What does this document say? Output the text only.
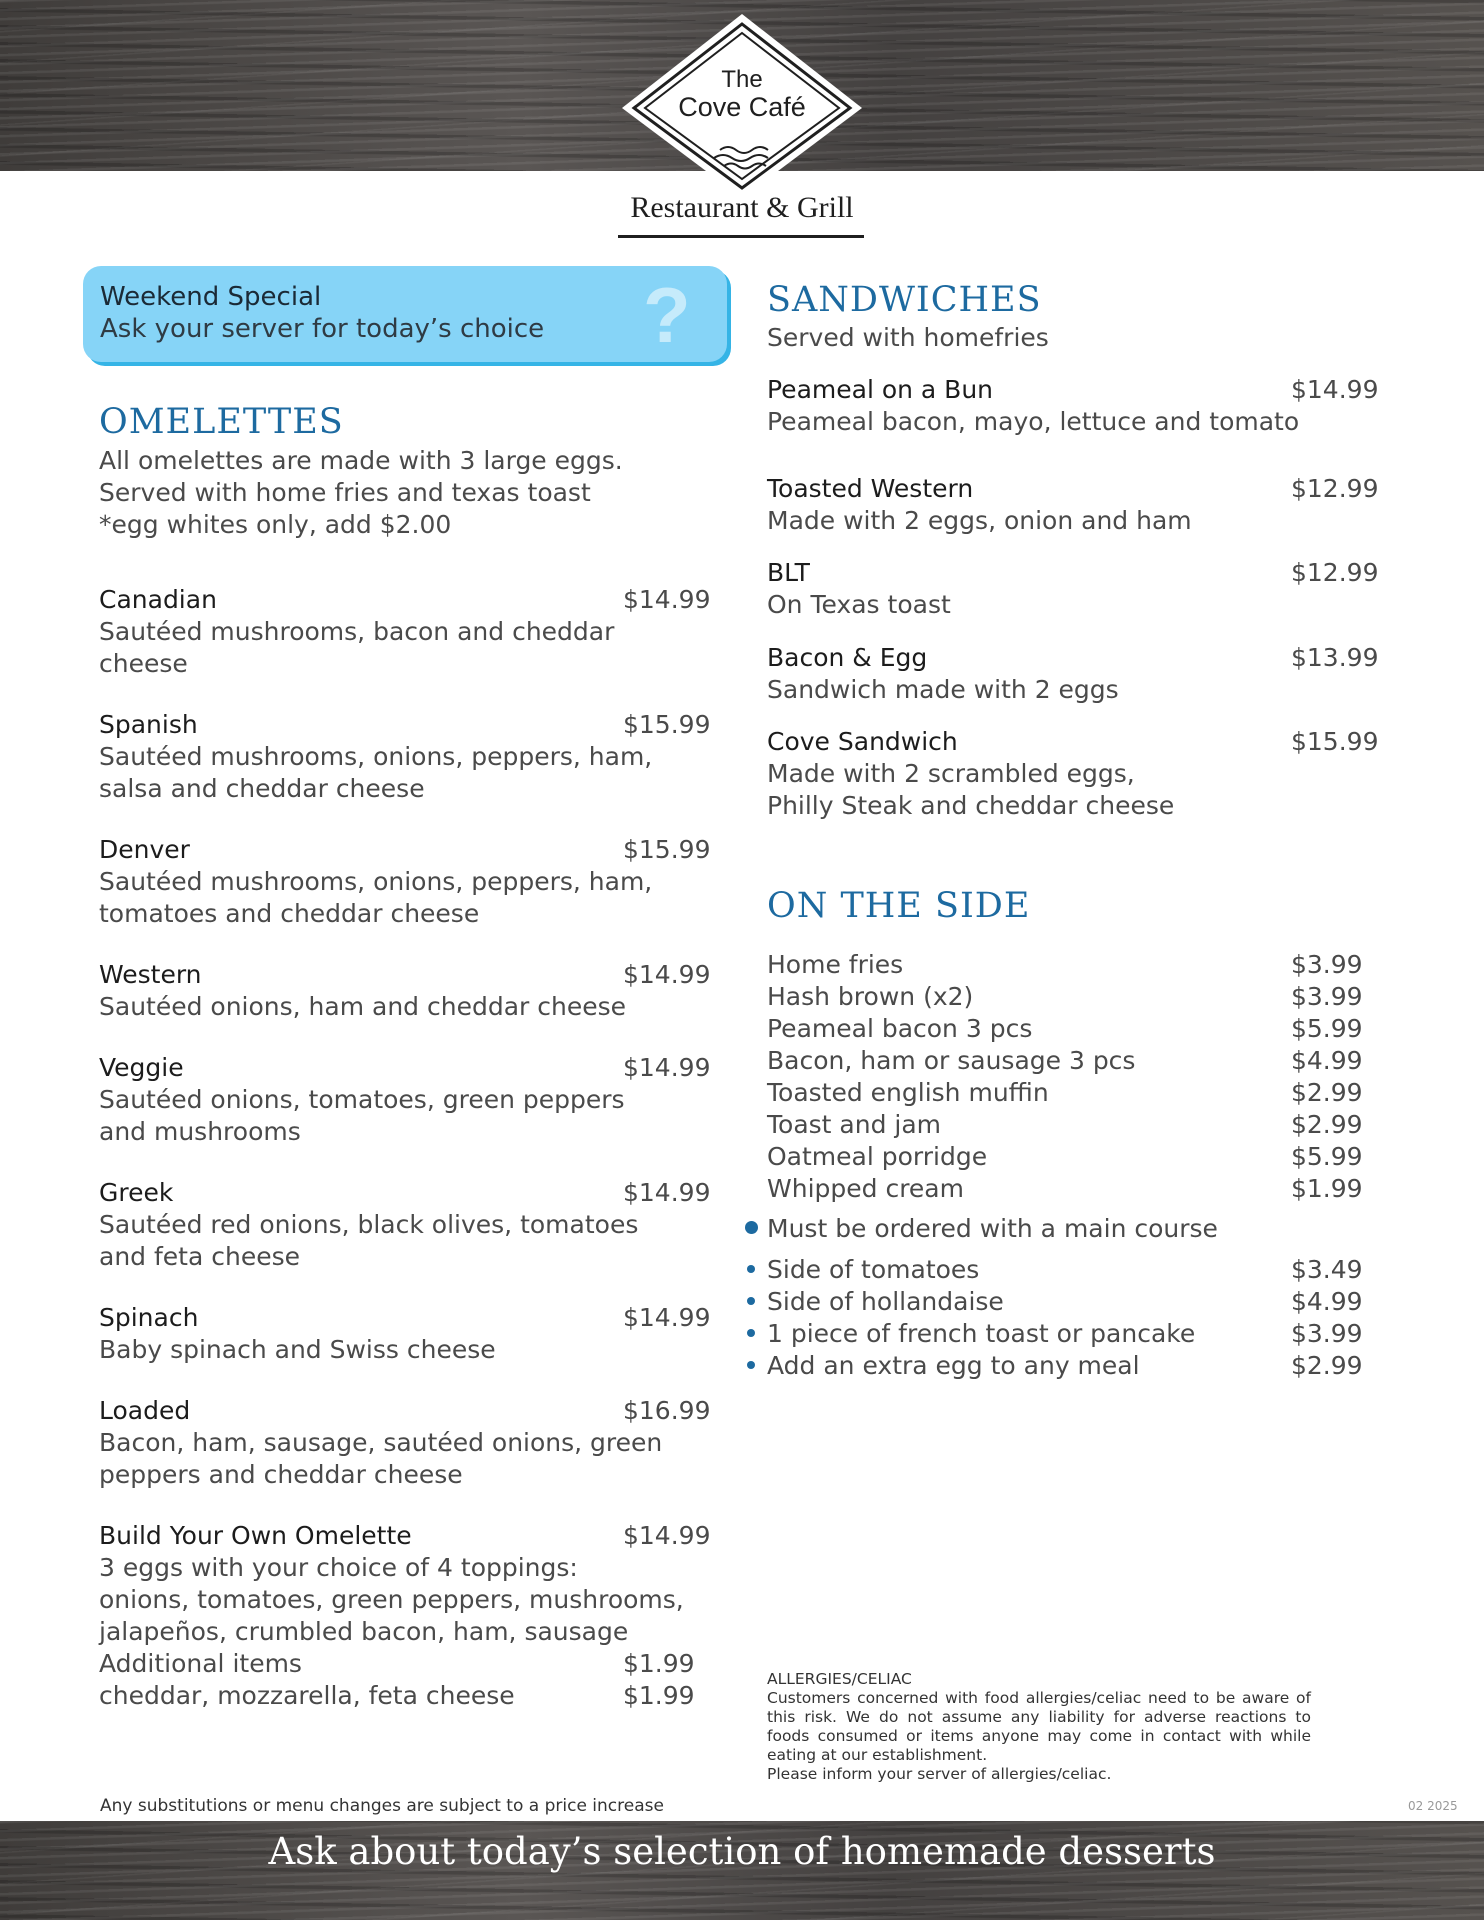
The
Cove Café
Restaurant & Grill
Weekend Special
Ask your server for today’s choice ?
OMELETTES
All omelettes are made with 3 large eggs.
Served with home fries and texas toast
*egg whites only, add $2.00
Canadian	$14.99
Sautéed mushrooms, bacon and cheddar
cheese
Spanish	$15.99
Sautéed mushrooms, onions, peppers, ham,
salsa and cheddar cheese
Denver	$15.99
Sautéed mushrooms, onions, peppers, ham,
tomatoes and cheddar cheese
Western	$14.99
Sautéed onions, ham and cheddar cheese
Veggie	$14.99
Sautéed onions, tomatoes, green peppers
and mushrooms
Greek	$14.99
Sautéed red onions, black olives, tomatoes
and feta cheese
Spinach	$14.99
Baby spinach and Swiss cheese
Loaded	$16.99
Bacon, ham, sausage, sautéed onions, green
peppers and cheddar cheese
Build Your Own Omelette	$14.99
3 eggs with your choice of 4 toppings:
onions, tomatoes, green peppers, mushrooms,
jalapeños, crumbled bacon, ham, sausage
Additional items	$1.99
cheddar, mozzarella, feta cheese	$1.99
SANDWICHES
Served with homefries
Peameal on a Bun	$14.99
Peameal bacon, mayo, lettuce and tomato
Toasted Western	$12.99
Made with 2 eggs, onion and ham
BLT	$12.99
On Texas toast
Bacon & Egg	$13.99
Sandwich made with 2 eggs
Cove Sandwich	$15.99
Made with 2 scrambled eggs,
Philly Steak and cheddar cheese
ON THE SIDE
Home fries	$3.99
Hash brown (x2)	$3.99
Peameal bacon 3 pcs	$5.99
Bacon, ham or sausage 3 pcs	$4.99
Toasted english muffin	$2.99
Toast and jam	$2.99
Oatmeal porridge	$5.99
Whipped cream	$1.99
Must be ordered with a main course
Side of tomatoes	$3.49
Side of hollandaise	$4.99
1 piece of french toast or pancake	$3.99
Add an extra egg to any meal	$2.99
ALLERGIES/CELIAC
Customers concerned with food allergies/celiac need to be aware of this risk. We do not assume any liability for adverse reactions to foods consumed or items anyone may come in contact with while eating at our establishment.
Please inform your server of allergies/celiac.
Any substitutions or menu changes are subject to a price increase	02 2025
Ask about today’s selection of homemade desserts
